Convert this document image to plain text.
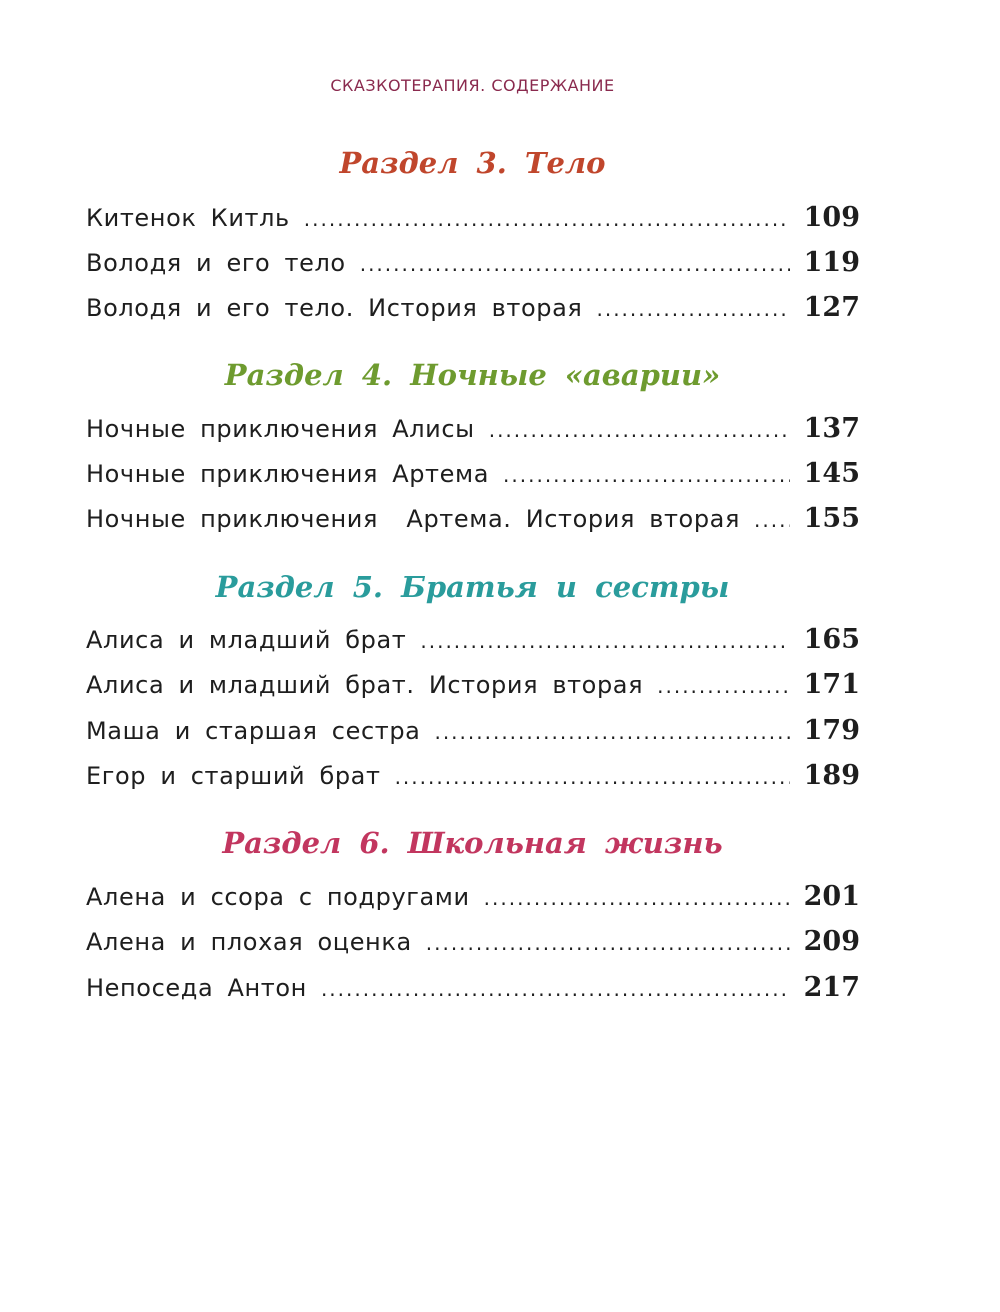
СКАЗКОТЕРАПИЯ. СОДЕРЖАНИЕ
Раздел 3. Тело
Китенок Китль .....	109
Володя и его тело .....	119
Володя и его тело. История вторая .....	127
Раздел 4. Ночные «аварии»
Ночные приключения Алисы .....	137
Ночные приключения Артема .....	145
Ночные приключения  Артема. История вторая ..... 155
Раздел 5. Братья и сестры
Алиса и младший брат .....	165
Алиса и младший брат. История вторая .....	171
Маша и старшая сестра .....	179
Егор и старший брат .....	189
Раздел 6. Школьная жизнь
Алена и ссора с подругами .....	201
Алена и плохая оценка .....	209
Непоседа Антон .....	217
